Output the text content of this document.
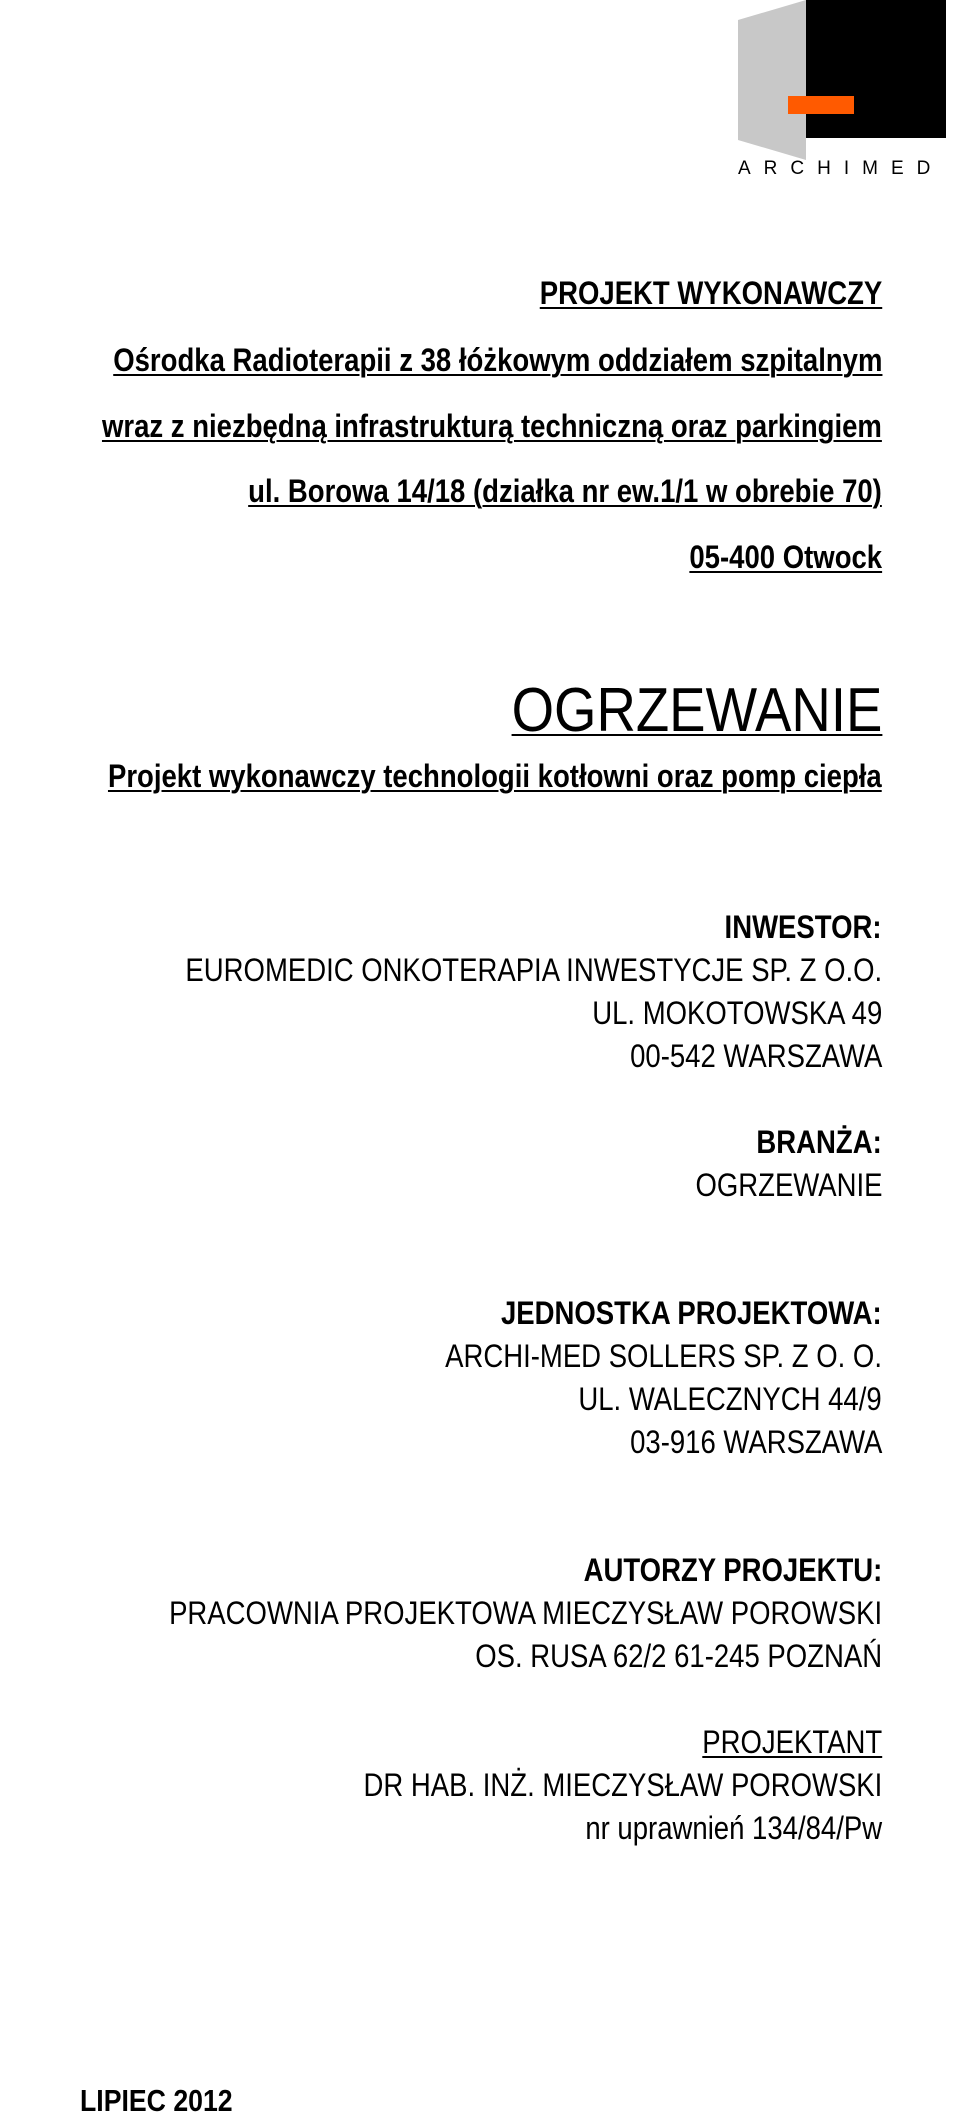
ARCHIMED
PROJEKT WYKONAWCZY
Ośrodka Radioterapii z 38 łóżkowym oddziałem szpitalnym
wraz z niezbędną infrastrukturą techniczną oraz parkingiem
ul. Borowa 14/18 (działka nr ew.1/1 w obrebie 70)
05-400 Otwock
OGRZEWANIE
Projekt wykonawczy technologii kotłowni oraz pomp ciepła
INWESTOR:
EUROMEDIC ONKOTERAPIA INWESTYCJE SP. Z O.O.
UL. MOKOTOWSKA 49
00-542 WARSZAWA
BRANŻA:
OGRZEWANIE
JEDNOSTKA PROJEKTOWA:
ARCHI-MED SOLLERS SP. Z O. O.
UL. WALECZNYCH 44/9
03-916 WARSZAWA
AUTORZY PROJEKTU:
PRACOWNIA PROJEKTOWA MIECZYSŁAW POROWSKI
OS. RUSA 62/2 61-245 POZNAŃ
PROJEKTANT
DR HAB. INŻ. MIECZYSŁAW POROWSKI
nr uprawnień 134/84/Pw
LIPIEC 2012
